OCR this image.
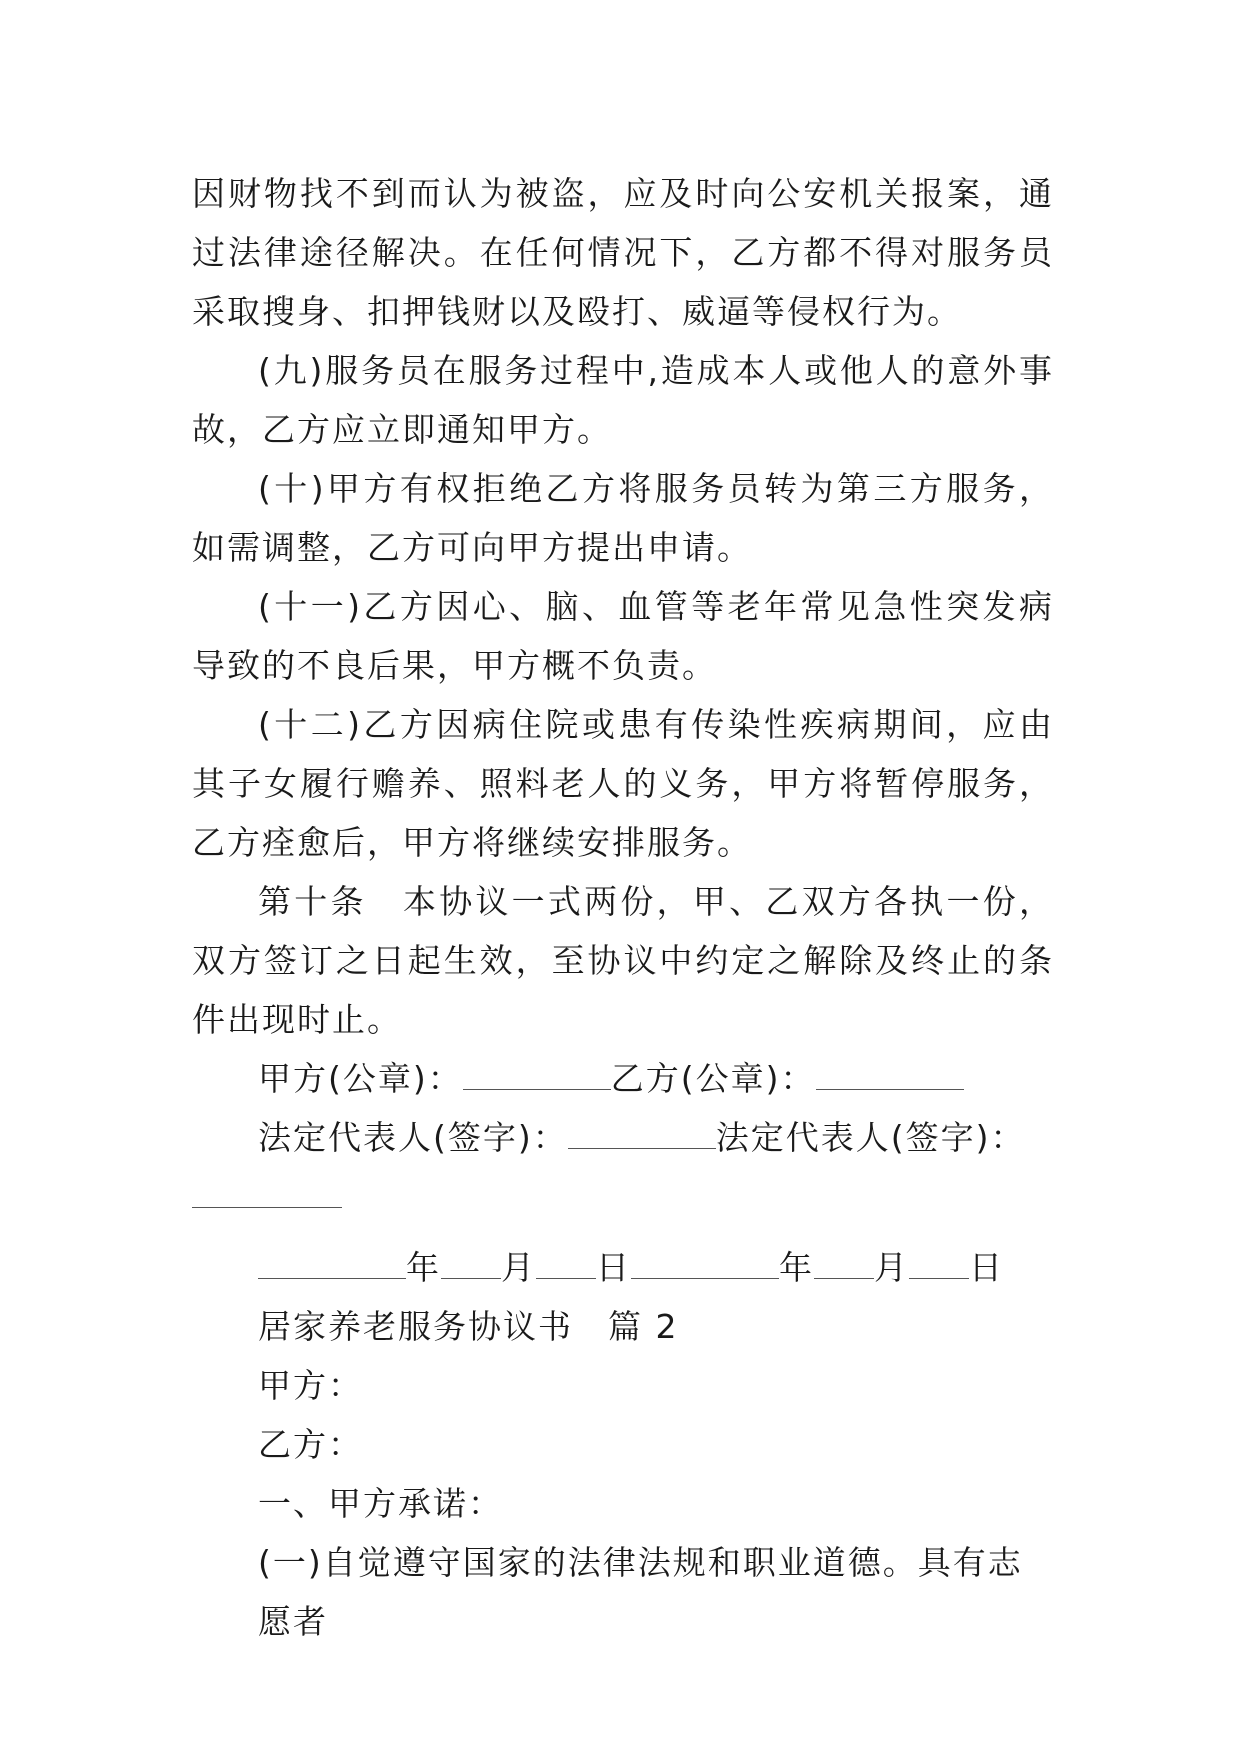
因财物找不到而认为被盗，应及时向公安机关报案，通过法律途径解决。在任何情况下，乙方都不得对服务员采取搜身、扣押钱财以及殴打、威逼等侵权行为。

(九)服务员在服务过程中,造成本人或他人的意外事故，乙方应立即通知甲方。

(十)甲方有权拒绝乙方将服务员转为第三方服务，如需调整，乙方可向甲方提出申请。

(十一)乙方因心、脑、血管等老年常见急性突发病导致的不良后果，甲方概不负责。

(十二)乙方因病住院或患有传染性疾病期间，应由其子女履行赡养、照料老人的义务，甲方将暂停服务，乙方痊愈后，甲方将继续安排服务。

第十条　本协议一式两份，甲、乙双方各执一份，双方签订之日起生效，至协议中约定之解除及终止的条件出现时止。

甲方(公章)：	乙方(公章)：

法定代表人(签字)：	法定代表人(签字)：

年 月 日	年 月 日

居家养老服务协议书　篇 2

甲方：

乙方：

一、甲方承诺：

(一)自觉遵守国家的法律法规和职业道德。具有志愿者
